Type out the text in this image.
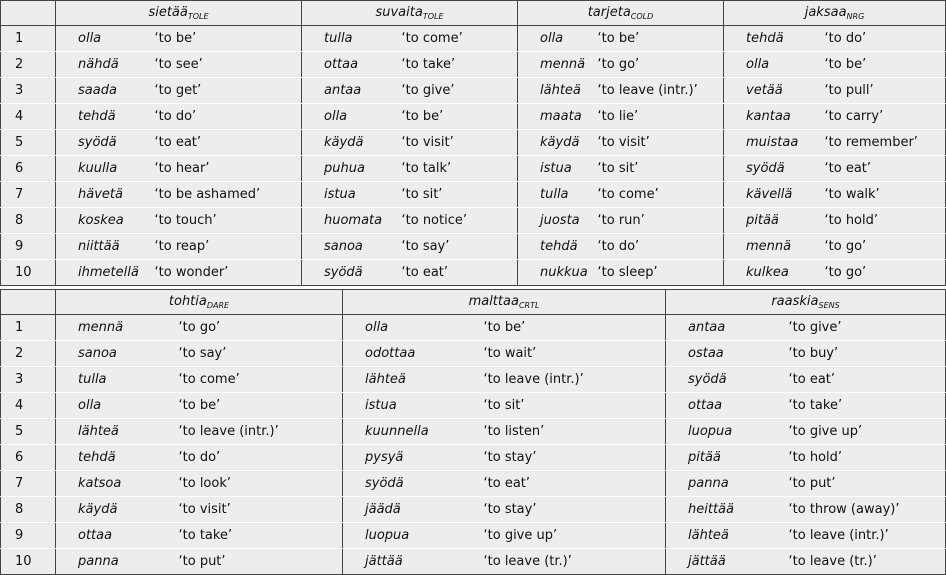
	sietää$_{TOLE}$		suvaita$_{TOLE}$		tarjeta$_{COLD}$		jaksaa$_{NRG}$
1	olla	‘to be’	tulla	‘to come’	olla	‘to be’	tehdä	‘to do’
2	nähdä	‘to see’	ottaa	‘to take’	mennä	‘to go’	olla	‘to be’
3	saada	‘to get’	antaa	‘to give’	lähteä	‘to leave (intr.)’	vetää	‘to pull’
4	tehdä	‘to do’	olla	‘to be’	maata	‘to lie’	kantaa	‘to carry’
5	syödä	‘to eat’	käydä	‘to visit’	käydä	‘to visit’	muistaa	‘to remember’
6	kuulla	‘to hear’	puhua	‘to talk’	istua	‘to sit’	syödä	‘to eat’
7	hävetä	‘to be ashamed’	istua	‘to sit’	tulla	‘to come’	kävellä	‘to walk’
8	koskea	‘to touch’	huomata	‘to notice’	juosta	‘to run’	pitää	‘to hold’
9	niittää	‘to reap’	sanoa	‘to say’	tehdä	‘to do’	mennä	‘to go’
10	ihmetellä	‘to wonder’	syödä	‘to eat’	nukkua	‘to sleep’	kulkea	‘to go’
	tohtia$_{DARE}$		malttaa$_{CRTL}$		raaskia$_{SENS}$
1	mennä	‘to go’	olla	‘to be’	antaa	‘to give’
2	sanoa	‘to say’	odottaa	‘to wait’	ostaa	‘to buy’
3	tulla	‘to come’	lähteä	‘to leave (intr.)’	syödä	‘to eat’
4	olla	‘to be’	istua	‘to sit’	ottaa	‘to take’
5	lähteä	‘to leave (intr.)’	kuunnella	‘to listen’	luopua	‘to give up’
6	tehdä	‘to do’	pysyä	‘to stay’	pitää	‘to hold’
7	katsoa	‘to look’	syödä	‘to eat’	panna	‘to put’
8	käydä	‘to visit’	jäädä	‘to stay’	heittää	‘to throw (away)’
9	ottaa	‘to take’	luopua	‘to give up’	lähteä	‘to leave (intr.)’
10	panna	‘to put’	jättää	‘to leave (tr.)’	jättää	‘to leave (tr.)’
